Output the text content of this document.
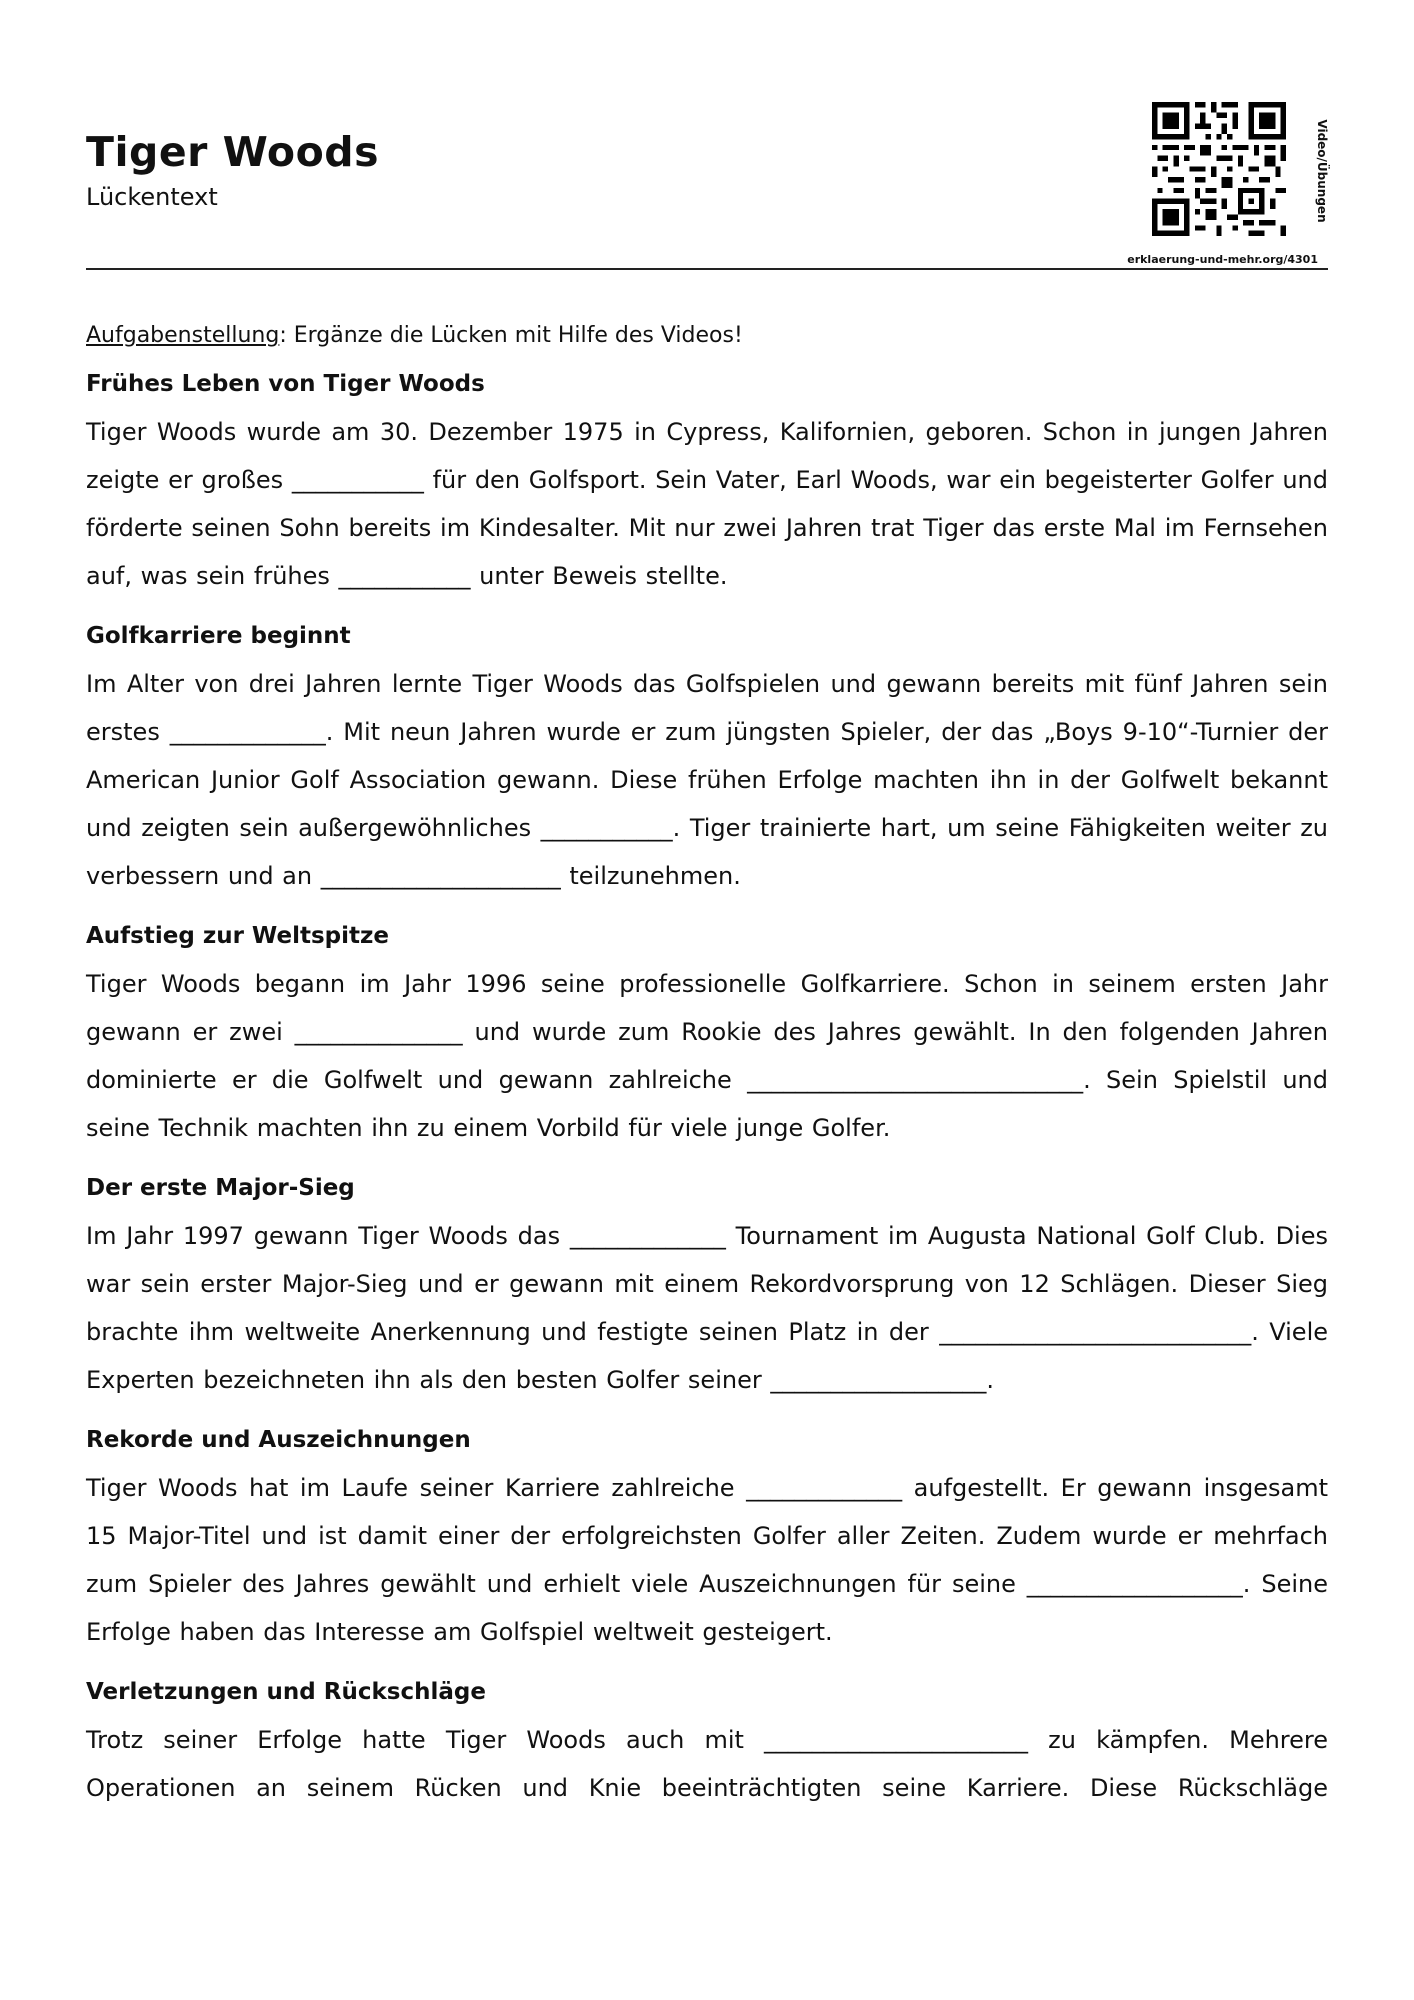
Tiger Woods
Lückentext	Video/Übungen
erklaerung-und-mehr.org/4301
Aufgabenstellung: Ergänze die Lücken mit Hilfe des Videos!
Frühes Leben von Tiger Woods

Tiger Woods wurde am 30. Dezember 1975 in Cypress, Kalifornien, geboren. Schon in jungen Jahren zeigte er großes ___________ für den Golfsport. Sein Vater, Earl Woods, war ein begeisterter Golfer und förderte seinen Sohn bereits im Kindesalter. Mit nur zwei Jahren trat Tiger das erste Mal im Fernsehen auf, was sein frühes ___________ unter Beweis stellte.

Golfkarriere beginnt

Im Alter von drei Jahren lernte Tiger Woods das Golfspielen und gewann bereits mit fünf Jahren sein erstes _____________. Mit neun Jahren wurde er zum jüngsten Spieler, der das „Boys 9-10“-Turnier der American Junior Golf Association gewann. Diese frühen Erfolge machten ihn in der Golfwelt bekannt und zeigten sein außergewöhnliches ___________. Tiger trainierte hart, um seine Fähigkeiten weiter zu verbessern und an ____________________ teilzunehmen.

Aufstieg zur Weltspitze

Tiger Woods begann im Jahr 1996 seine professionelle Golfkarriere. Schon in seinem ersten Jahr gewann er zwei ______________ und wurde zum Rookie des Jahres gewählt. In den folgenden Jahren dominierte er die Golfwelt und gewann zahlreiche ____________________________. Sein Spielstil und seine Technik machten ihn zu einem Vorbild für viele junge Golfer.

Der erste Major-Sieg

Im Jahr 1997 gewann Tiger Woods das _____________ Tournament im Augusta National Golf Club. Dies war sein erster Major-Sieg und er gewann mit einem Rekordvorsprung von 12 Schlägen. Dieser Sieg brachte ihm weltweite Anerkennung und festigte seinen Platz in der __________________________. Viele Experten bezeichneten ihn als den besten Golfer seiner __________________.

Rekorde und Auszeichnungen

Tiger Woods hat im Laufe seiner Karriere zahlreiche _____________ aufgestellt. Er gewann insgesamt 15 Major-Titel und ist damit einer der erfolgreichsten Golfer aller Zeiten. Zudem wurde er mehrfach zum Spieler des Jahres gewählt und erhielt viele Auszeichnungen für seine __________________. Seine Erfolge haben das Interesse am Golfspiel weltweit gesteigert.

Verletzungen und Rückschläge

Trotz seiner Erfolge hatte Tiger Woods auch mit ______________________ zu kämpfen. Mehrere Operationen an seinem Rücken und Knie beeinträchtigten seine Karriere. Diese Rückschläge
